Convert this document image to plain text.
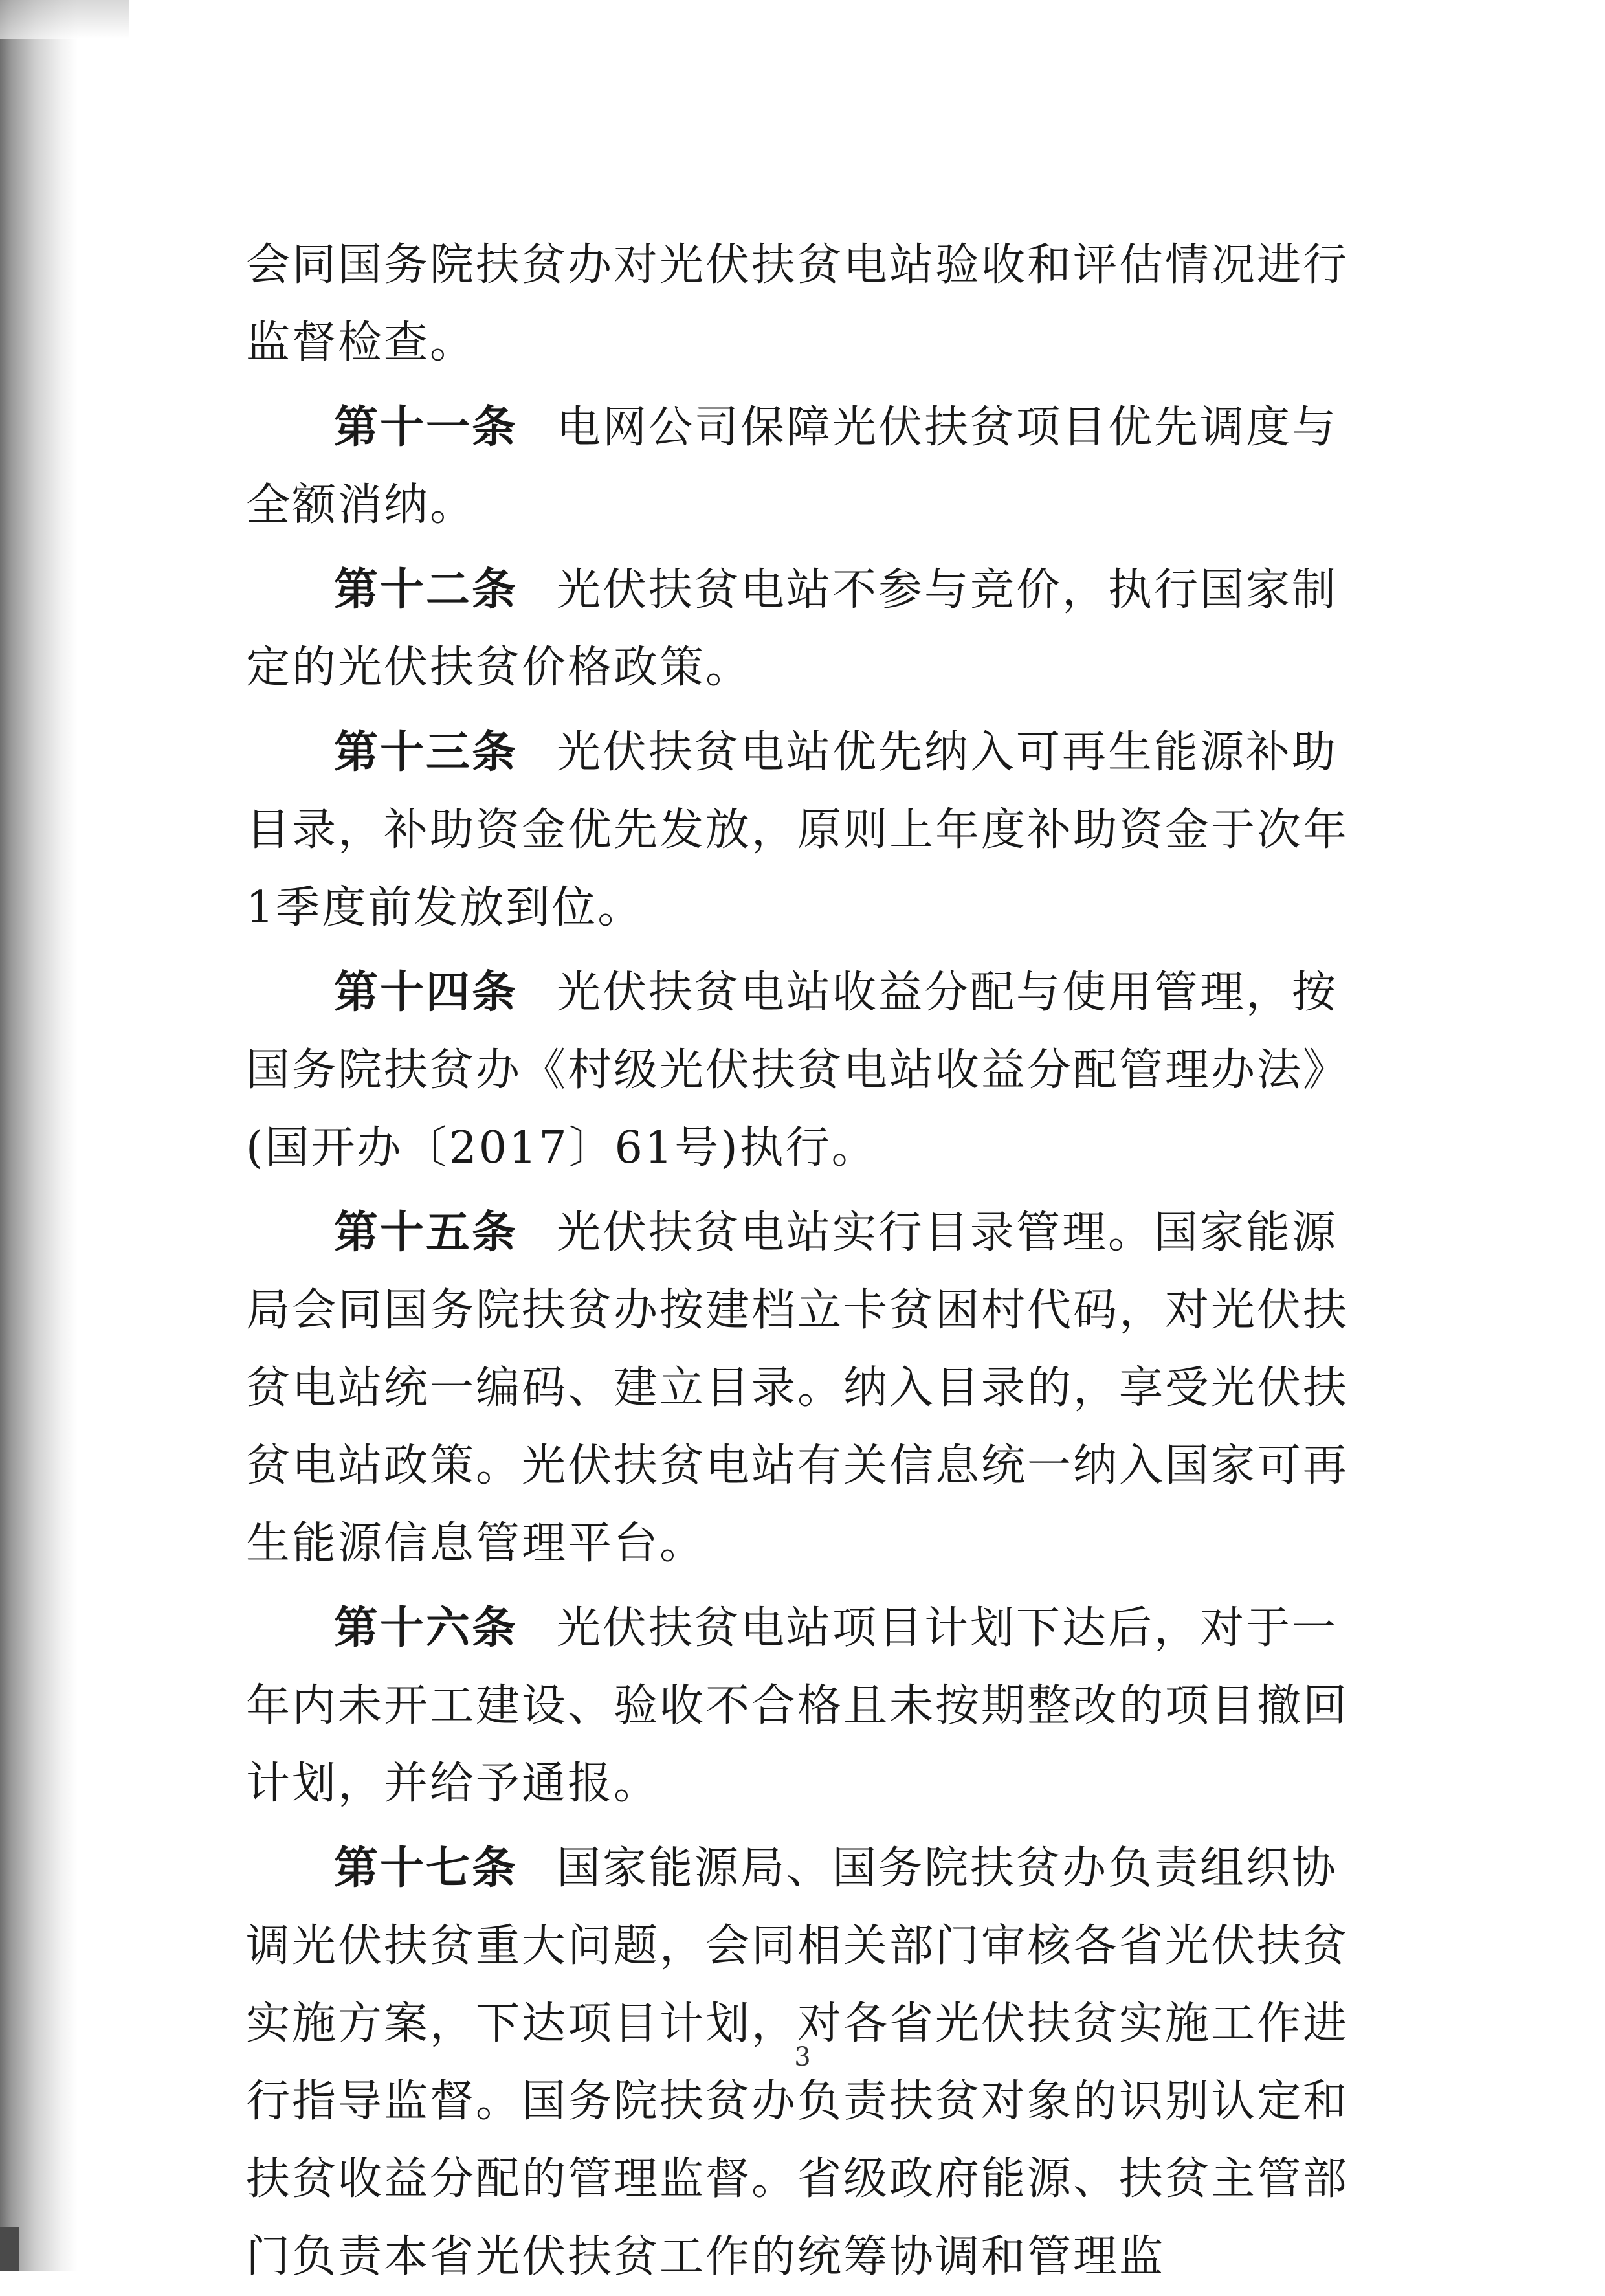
会同国务院扶贫办对光伏扶贫电站验收和评估情况进行监督检查。

第十一条 电网公司保障光伏扶贫项目优先调度与全额消纳。

第十二条 光伏扶贫电站不参与竞价，执行国家制定的光伏扶贫价格政策。

第十三条 光伏扶贫电站优先纳入可再生能源补助目录，补助资金优先发放，原则上年度补助资金于次年1季度前发放到位。

第十四条 光伏扶贫电站收益分配与使用管理，按国务院扶贫办《村级光伏扶贫电站收益分配管理办法》(国开办〔2017〕61号)执行。

第十五条 光伏扶贫电站实行目录管理。国家能源局会同国务院扶贫办按建档立卡贫困村代码，对光伏扶贫电站统一编码、建立目录。纳入目录的，享受光伏扶贫电站政策。光伏扶贫电站有关信息统一纳入国家可再生能源信息管理平台。

第十六条 光伏扶贫电站项目计划下达后，对于一年内未开工建设、验收不合格且未按期整改的项目撤回计划，并给予通报。

第十七条 国家能源局、国务院扶贫办负责组织协调光伏扶贫重大问题，会同相关部门审核各省光伏扶贫实施方案，下达项目计划，对各省光伏扶贫实施工作进行指导监督。国务院扶贫办负责扶贫对象的识别认定和扶贫收益分配的管理监督。省级政府能源、扶贫主管部门负责本省光伏扶贫工作的统筹协调和管理监

3
